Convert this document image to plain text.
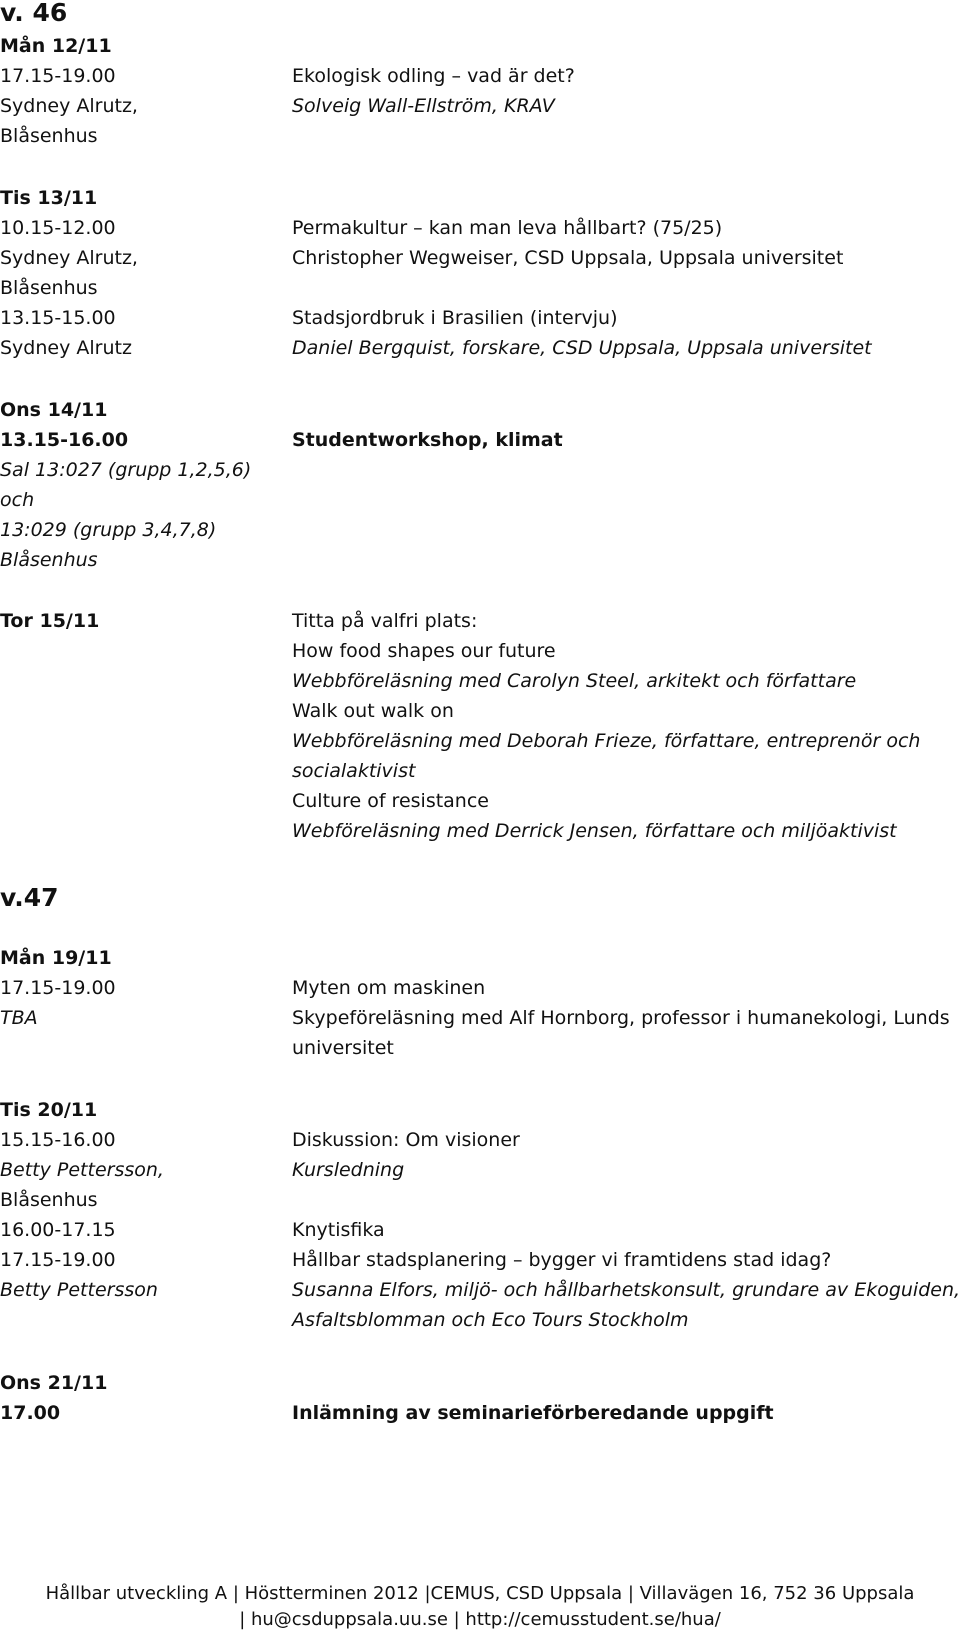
v. 46
Mån 12/11
17.15-19.00	Ekologisk odling – vad är det?
Sydney Alrutz,	Solveig Wall-Ellström, KRAV
Blåsenhus
Tis 13/11
10.15-12.00	Permakultur – kan man leva hållbart? (75/25)
Sydney Alrutz,	Christopher Wegweiser, CSD Uppsala, Uppsala universitet
Blåsenhus
13.15-15.00	Stadsjordbruk i Brasilien (intervju)
Sydney Alrutz	Daniel Bergquist, forskare, CSD Uppsala, Uppsala universitet
Ons 14/11
13.15-16.00	Studentworkshop, klimat
Sal 13:027 (grupp 1,2,5,6)
och
13:029 (grupp 3,4,7,8)
Blåsenhus
Tor 15/11	Titta på valfri plats:
How food shapes our future
Webbföreläsning med Carolyn Steel, arkitekt och författare
Walk out walk on
Webbföreläsning med Deborah Frieze, författare, entreprenör och
socialaktivist
Culture of resistance
Webföreläsning med Derrick Jensen, författare och miljöaktivist
v.47
Mån 19/11
17.15-19.00	Myten om maskinen
TBA	Skypeföreläsning med Alf Hornborg, professor i humanekologi, Lunds
universitet
Tis 20/11
15.15-16.00	Diskussion: Om visioner
Betty Pettersson,	Kursledning
Blåsenhus
16.00-17.15	Knytisfika
17.15-19.00	Hållbar stadsplanering – bygger vi framtidens stad idag?
Betty Pettersson	Susanna Elfors, miljö- och hållbarhetskonsult, grundare av Ekoguiden,
Asfaltsblomman och Eco Tours Stockholm
Ons 21/11
17.00	Inlämning av seminarieförberedande uppgift
Hållbar utveckling A | Höstterminen 2012 |CEMUS, CSD Uppsala | Villavägen 16, 752 36 Uppsala
| hu@csduppsala.uu.se | http://cemusstudent.se/hua/
